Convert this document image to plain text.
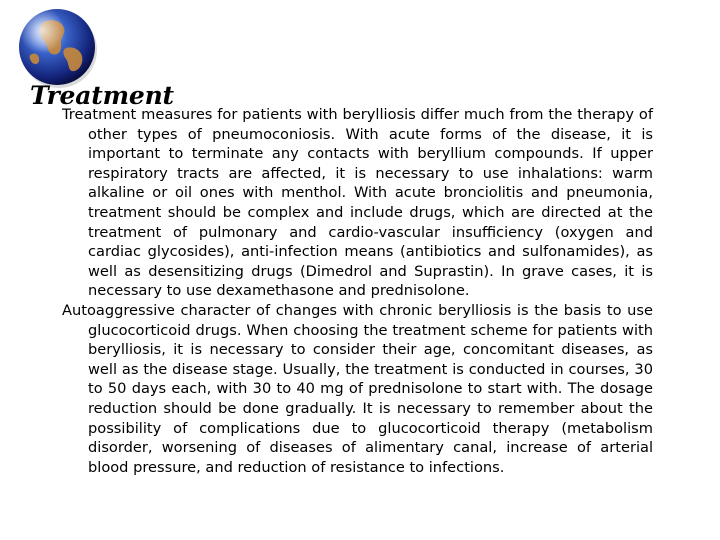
Treatment

Treatment measures for patients with berylliosis differ much from the therapy of other types of pneumoconiosis. With acute forms of the disease, it is important to terminate any contacts with beryllium compounds. If upper respiratory tracts are affected, it is necessary to use inhalations: warm alkaline or oil ones with menthol. With acute bronciolitis and pneumonia, treatment should be complex and include drugs, which are directed at the treatment of pulmonary and cardio-vascular insufficiency (oxygen and cardiac glycosides), anti-infection means (antibiotics and sulfonamides), as well as desensitizing drugs (Dimedrol and Suprastin). In grave cases, it is necessary to use dexamethasone and prednisolone.

Autoaggressive character of changes with chronic berylliosis is the basis to use glucocorticoid drugs. When choosing the treatment scheme for patients with berylliosis, it is necessary to consider their age, concomitant diseases, as well as the disease stage. Usually, the treatment is conducted in courses, 30 to 50 days each, with 30 to 40 mg of prednisolone to start with. The dosage reduction should be done gradually. It is necessary to remember about the possibility of complications due to glucocorticoid therapy (metabolism disorder, worsening of diseases of alimentary canal, increase of arterial blood pressure, and reduction of resistance to infections.
